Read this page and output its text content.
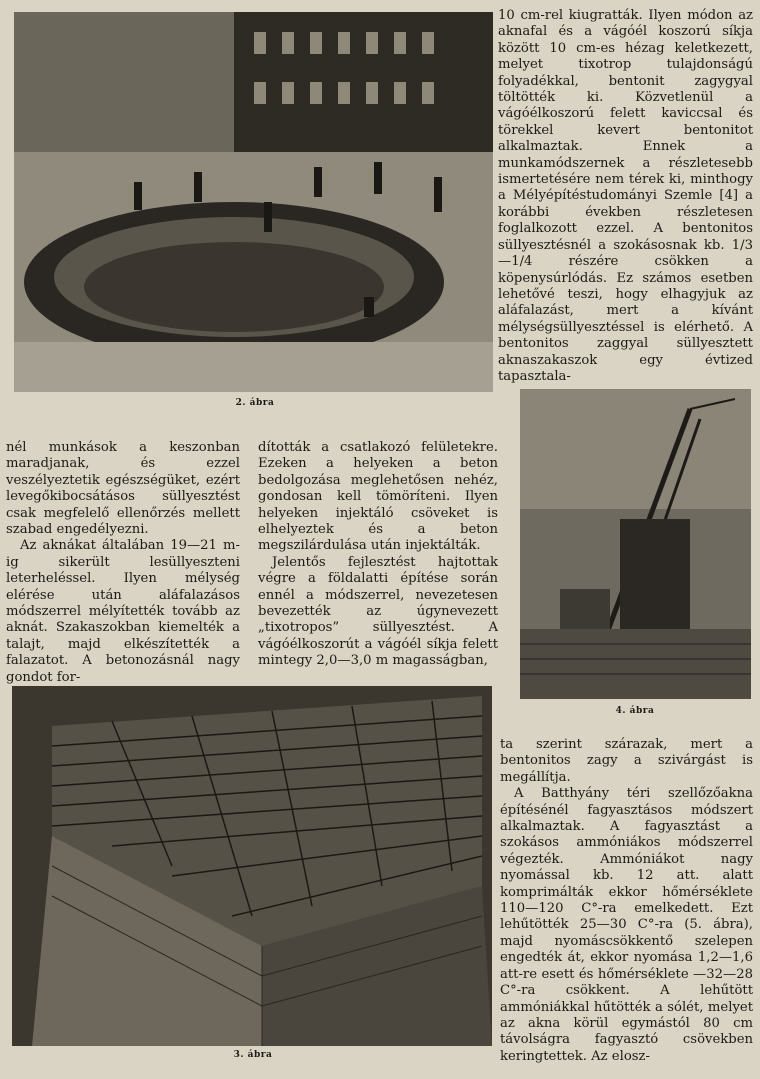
2. ábra

10 cm-rel kiugratták. Ilyen módon az aknafal és a vágóél koszorú síkja között 10 cm-es hézag keletkezett, melyet tixotrop tulajdonságú folyadékkal, bentonit zagygyal töltötték ki. Közvetlenül a vágóélkoszorú felett kaviccsal és törekkel kevert bentonitot alkalmaztak. Ennek a munkamódszernek a részletesebb ismertetésére nem térek ki, minthogy a Mélyépítéstudományi Szemle [4] a korábbi években részletesen foglalkozott ezzel. A bentonitos süllyesztésnél a szokásosnak kb. 1/3—1/4 részére csökken a köpenysúrlódás. Ez számos esetben lehetővé teszi, hogy elhagyjuk az aláfalazást, mert a kívánt mélységsüllyesztéssel is elérhető. A bentonitos zaggyal süllyesztett aknaszakaszok egy évtized tapasztala-

4. ábra

nél munkások a keszonban maradjanak, és ezzel veszélyeztetik egészségüket, ezért levegőkibocsátásos süllyesztést csak megfelelő ellenőrzés mellett szabad engedélyezni.

Az aknákat általában 19—21 m-ig sikerült lesüllyeszteni leterheléssel. Ilyen mélység elérése után aláfalazásos módszerrel mélyítették tovább az aknát. Szakaszokban kiemelték a talajt, majd elkészítették a falazatot. A betonozásnál nagy gondot for-

dították a csatlakozó felületekre. Ezeken a helyeken a beton bedolgozása meglehetősen nehéz, gondosan kell tömöríteni. Ilyen helyeken injektáló csöveket is elhelyeztek és a beton megszilárdulása után injektálták.

Jelentős fejlesztést hajtottak végre a földalatti építése során ennél a módszerrel, nevezetesen bevezették az úgynevezett „tixotropos” süllyesztést. A vágóélkoszorút a vágóél síkja felett mintegy 2,0—3,0 m magasságban,

3. ábra

ta szerint szárazak, mert a bentonitos zagy a szivárgást is megállítja.

A Batthyány téri szellőzőakna építésénél fagyasztásos módszert alkalmaztak. A fagyasztást a szokásos ammóniákos módszerrel végezték. Ammóniákot nagy nyomással kb. 12 att. alatt komprimálták ekkor hőmérséklete 110—120 C°-ra emelkedett. Ezt lehűtötték 25—30 C°-ra (5. ábra), majd nyomáscsökkentő szelepen engedték át, ekkor nyomása 1,2—1,6 att-re esett és hőmérséklete —32—28 C°-ra csökkent. A lehűtött ammóniákkal hűtötték a sólét, melyet az akna körül egymástól 80 cm távolságra fagyasztó csövekben keringtettek. Az elosz-
